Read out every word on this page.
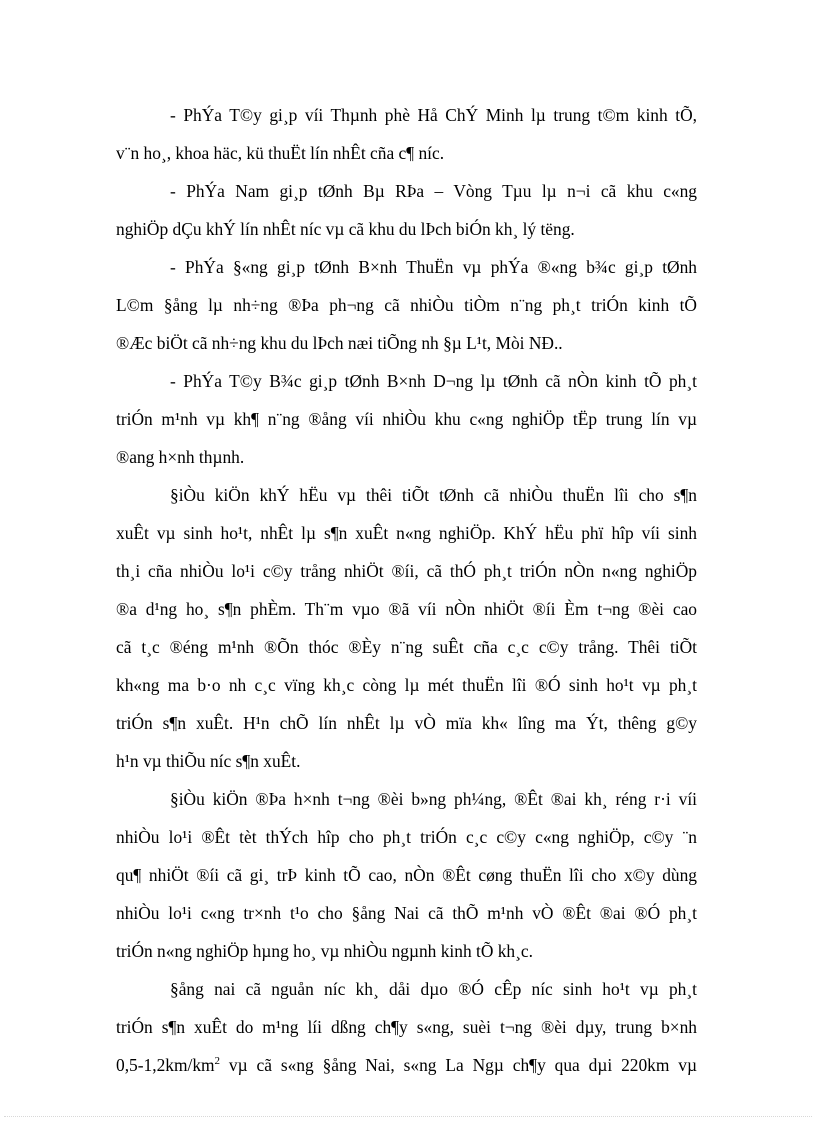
- PhÝa T©y gi¸p víi Thµnh phè Hå ChÝ Minh lµ trung t©m kinh tÕ,
v¨n ho¸, khoa häc, kü thuËt lín nhÊt cña c¶ níc.
- PhÝa Nam gi¸p tØnh Bµ RÞa – Vòng Tµu lµ n¬i cã khu c«ng
nghiÖp dÇu khÝ lín nhÊt níc vµ cã khu du lÞch biÓn kh¸ lý tëng.
- PhÝa §«ng gi¸p tØnh B×nh ThuËn vµ phÝa ®«ng b¾c gi¸p tØnh
L©m §ång lµ nh÷ng ®Þa ph¬ng cã nhiÒu tiÒm n¨ng ph¸t triÓn kinh tÕ
®Æc biÖt cã nh÷ng khu du lÞch næi tiÕng nh §µ L¹t, Mòi NÐ..
- PhÝa T©y B¾c gi¸p tØnh B×nh D¬ng lµ tØnh cã nÒn kinh tÕ ph¸t
triÓn m¹nh vµ kh¶ n¨ng ®ång víi nhiÒu khu c«ng nghiÖp tËp trung lín vµ
®ang h×nh thµnh.
§iÒu kiÖn khÝ hËu vµ thêi tiÕt tØnh cã nhiÒu thuËn lîi cho s¶n
xuÊt vµ sinh ho¹t, nhÊt lµ s¶n xuÊt n«ng nghiÖp. KhÝ hËu phï hîp víi sinh
th¸i cña nhiÒu lo¹i c©y trång nhiÖt ®íi, cã thÓ ph¸t triÓn nÒn n«ng nghiÖp
®a d¹ng ho¸ s¶n phÈm. Th¨m vµo ®ã víi nÒn nhiÖt ®íi Èm t¬ng ®èi cao
cã t¸c ®éng m¹nh ®Õn thóc ®Èy n¨ng suÊt cña c¸c c©y trång. Thêi tiÕt
kh«ng ma b·o nh c¸c vïng kh¸c còng lµ mét thuËn lîi ®Ó sinh ho¹t vµ ph¸t
triÓn s¶n xuÊt. H¹n chÕ lín nhÊt lµ vÒ mïa kh« lîng ma Ýt, thêng g©y
h¹n vµ thiÕu níc s¶n xuÊt.
§iÒu kiÖn ®Þa h×nh t¬ng ®èi b»ng ph¼ng, ®Êt ®ai kh¸ réng r·i víi
nhiÒu lo¹i ®Êt tèt thÝch hîp cho ph¸t triÓn c¸c c©y c«ng nghiÖp, c©y ¨n
qu¶ nhiÖt ®íi cã gi¸ trÞ kinh tÕ cao, nÒn ®Êt cøng thuËn lîi cho x©y dùng
nhiÒu lo¹i c«ng tr×nh t¹o cho §ång Nai cã thÕ m¹nh vÒ ®Êt ®ai ®Ó ph¸t
triÓn n«ng nghiÖp hµng ho¸ vµ nhiÒu ngµnh kinh tÕ kh¸c.
§ång nai cã nguån níc kh¸ dåi dµo ®Ó cÊp níc sinh ho¹t vµ ph¸t
triÓn s¶n xuÊt do m¹ng líi dßng ch¶y s«ng, suèi t¬ng ®èi dµy, trung b×nh
$0,5-1,2km/km^2$ vµ cã s«ng §ång Nai, s«ng La Ngµ ch¶y qua dµi 220km vµ
